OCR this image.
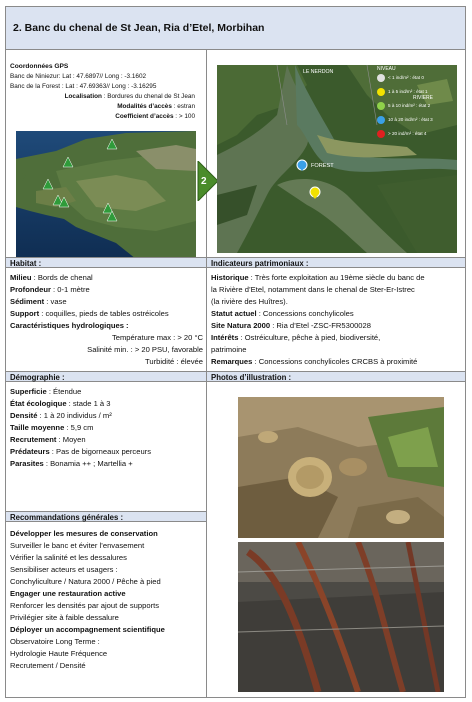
2. Banc du chenal de St Jean, Ria d’Etel, Morbihan
Coordonnées GPS
Banc de Niniezur: Lat : 47.6897// Long : -3.1602
Banc de la Forest : Lat : 47.69363// Long : -3.16295
Localisation : Bordures du chenal de St Jean
Modalités d’accès : estran
Coefficient d’accès : > 100
2
LE NERDON
FOREST
RIVIERE
NIVEAU
< 1 ind/m² : état 0
1 à 5 ind/m² : état 1
5 à 10 ind/m² : état 2
10 à 20 ind/m² : état 3
> 20 ind/m² : état 4
Habitat :	Indicateurs patrimoniaux :
Milieu : Bords de chenal
Profondeur : 0-1 mètre
Sédiment : vase
Support : coquilles, pieds de tables ostréicoles
Caractéristiques hydrologiques :
Température max : > 20 °C
Salinité min. : > 20 PSU, favorable
Turbidité : élevée
Historique : Très forte exploitation au 19ème siècle du banc de
la Rivière d’Etel, notamment dans le chenal de Ster-Er-Istrec
(la rivière des Huîtres).
Statut actuel : Concessions conchylicoles
Site Natura 2000 : Ria d’Etel -ZSC-FR5300028
Intérêts : Ostréiculture, pêche à pied, biodiversité,
patrimoine
Remarques : Concessions conchylicoles CRCBS à proximité
Démographie :	Photos d’illustration :
Superficie : Étendue
État écologique : stade 1 à 3
Densité : 1 à 20 individus / m²
Taille moyenne : 5,9 cm
Recrutement : Moyen
Prédateurs : Pas de bigorneaux perceurs
Parasites : Bonamia ++ ; Martellia +
Recommandations générales :
Développer les mesures de conservation
Surveiller le banc et éviter l’envasement
Vérifier la salinité et les dessalures
Sensibiliser acteurs et usagers :
Conchyliculture / Natura 2000 / Pêche à pied
Engager une restauration active
Renforcer les densités par ajout de supports
Privilégier site à faible dessalure
Déployer un accompagnement scientifique
Observatoire Long Terme :
Hydrologie Haute Fréquence
Recrutement / Densité
